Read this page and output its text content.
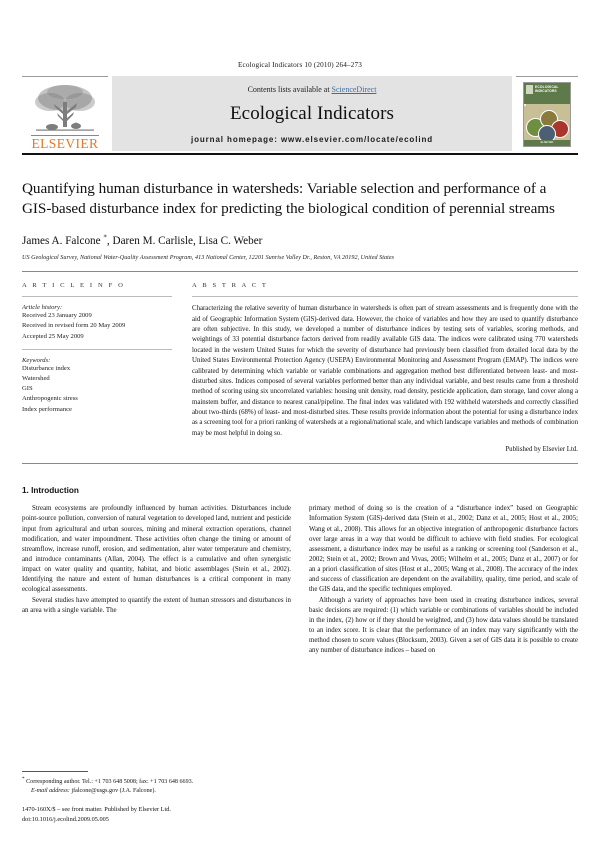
Ecological Indicators 10 (2010) 264–273
ELSEVIER
Contents lists available at ScienceDirect
Ecological Indicators
journal homepage: www.elsevier.com/locate/ecolind
ECOLOGICAL INDICATORS
ELSEVIER
Quantifying human disturbance in watersheds: Variable selection and performance of a GIS-based disturbance index for predicting the biological condition of perennial streams
James A. Falcone *, Daren M. Carlisle, Lisa C. Weber
US Geological Survey, National Water-Quality Assessment Program, 413 National Center, 12201 Sunrise Valley Dr., Reston, VA 20192, United States
A R T I C L E I N F O
Article history:
Received 23 January 2009
Received in revised form 20 May 2009
Accepted 25 May 2009
Keywords:
Disturbance index
Watershed
GIS
Anthropogenic stress
Index performance
A B S T R A C T
Characterizing the relative severity of human disturbance in watersheds is often part of stream assessments and is frequently done with the aid of Geographic Information System (GIS)-derived data. However, the choice of variables and how they are used to quantify disturbance are often subjective. In this study, we developed a number of disturbance indices by testing sets of variables, scoring methods, and weightings of 33 potential disturbance factors derived from readily available GIS data. The indices were calibrated using 770 watersheds located in the western United States for which the severity of disturbance had previously been classified from detailed local data by the United States Environmental Protection Agency (USEPA) Environmental Monitoring and Assessment Program (EMAP). The indices were calibrated by determining which variable or variable combinations and aggregation method best differentiated between least- and most-disturbed sites. Indices composed of several variables performed better than any individual variable, and best results came from a threshold method of scoring using six uncorrelated variables: housing unit density, road density, pesticide application, dam storage, land cover along a mainstem buffer, and distance to nearest canal/pipeline. The final index was validated with 192 withheld watersheds and correctly classified about two-thirds (68%) of least- and most-disturbed sites. These results provide information about the potential for using a disturbance index as a screening tool for a priori ranking of watersheds at a regional/national scale, and which landscape variables and methods of combination may be most helpful in doing so.
Published by Elsevier Ltd.
1. Introduction

Stream ecosystems are profoundly influenced by human activities. Disturbances include point-source pollution, conversion of natural vegetation to developed land, nutrient and pesticide input from agricultural and urban sources, mining and mineral extraction operations, channel modification, and water impoundment. These activities often change the timing or amount of streamflow, increase runoff, erosion, and sedimentation, alter water temperature and chemistry, and introduce contaminants (Allan, 2004). The effect is a cumulative and often synergistic impact on water quality and quantity, habitat, and biotic assemblages (Stein et al., 2002). Identifying the nature and extent of human disturbances is a critical component in many ecological assessments.

Several studies have attempted to quantify the extent of human stressors and disturbances in an area with a single variable. The

primary method of doing so is the creation of a “disturbance index” based on Geographic Information System (GIS)-derived data (Stein et al., 2002; Danz et al., 2005; Host et al., 2005; Wang et al., 2008). This allows for an objective integration of anthropogenic disturbance factors over large areas in a way that would be difficult to achieve with field studies. For ecological assessment, a disturbance index may be useful as a ranking or screening tool (Sanderson et al., 2002; Stein et al., 2002; Brown and Vivas, 2005; Wilhelm et al., 2005; Danz et al., 2007) or for an a priori classification of sites (Host et al., 2005; Wang et al., 2008). The accuracy of the index and success of classification are dependent on the availability, quality, time period, and scale of the GIS data, and the specific techniques employed.

Although a variety of approaches have been used in creating disturbance indices, several basic decisions are required: (1) which variable or combinations of variables should be included in the index, (2) how or if they should be weighted, and (3) how data values should be translated to an index score. It is clear that the performance of an index may vary significantly with the method chosen to score values (Blocksum, 2003). Given a set of GIS data it is possible to create any number of disturbance indices – based on

* Corresponding author. Tel.: +1 703 648 5008; fax: +1 703 648 6693.
E-mail address: jfalcone@usgs.gov (J.A. Falcone).
1470-160X/$ – see front matter. Published by Elsevier Ltd.
doi:10.1016/j.ecolind.2009.05.005
